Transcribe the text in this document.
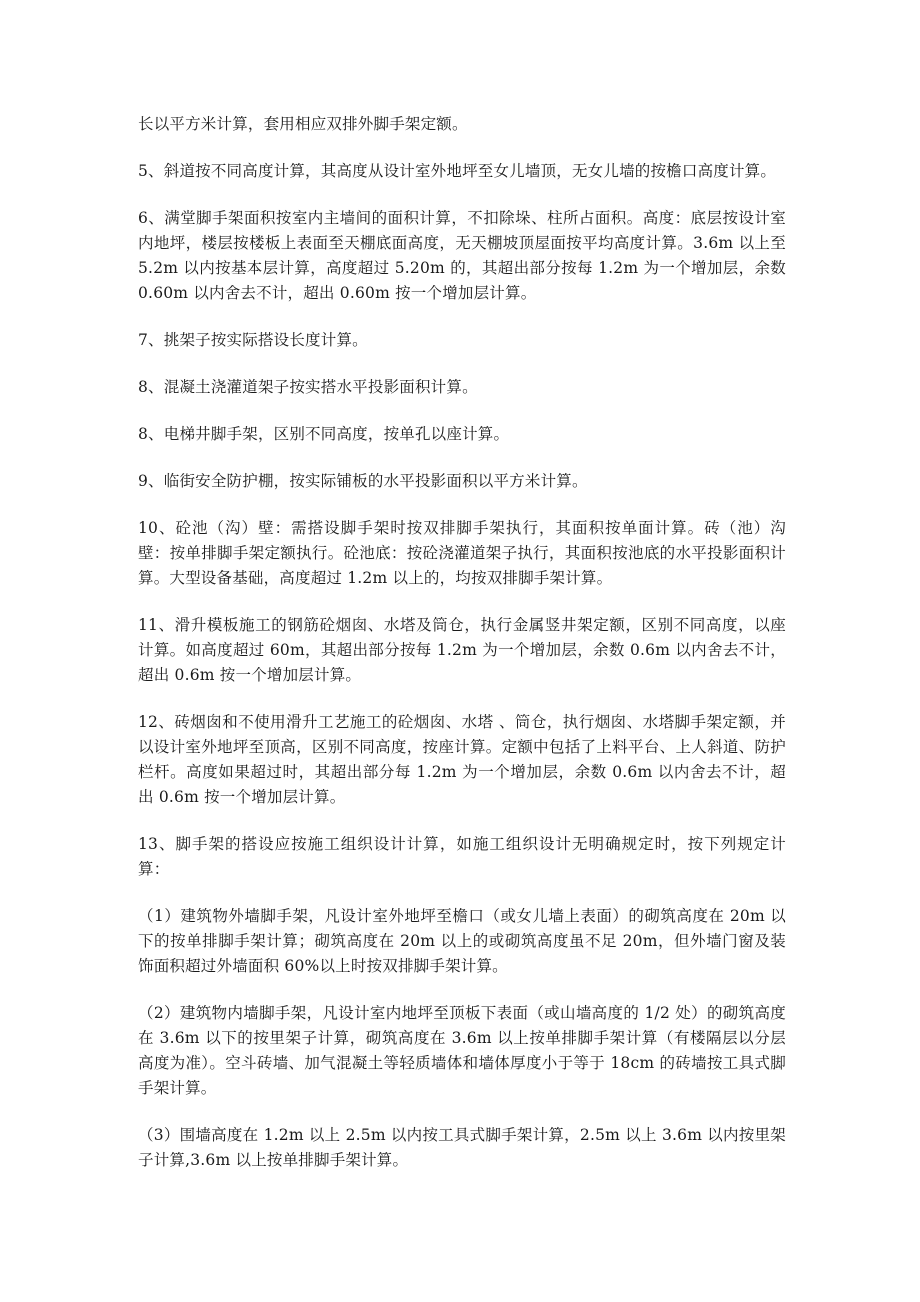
长以平方米计算，套用相应双排外脚手架定额。

5、斜道按不同高度计算，其高度从设计室外地坪至女儿墙顶，无女儿墙的按檐口高度计算。

6、满堂脚手架面积按室内主墙间的面积计算，不扣除垛、柱所占面积。高度：底层按设计室内地坪，楼层按楼板上表面至天棚底面高度，无天棚坡顶屋面按平均高度计算。3.6m 以上至 5.2m 以内按基本层计算，高度超过 5.20m 的，其超出部分按每 1.2m 为一个增加层，余数 0.60m 以内舍去不计，超出 0.60m 按一个增加层计算。

7、挑架子按实际搭设长度计算。

8、混凝土浇灌道架子按实搭水平投影面积计算。

8、电梯井脚手架，区别不同高度，按单孔以座计算。

9、临街安全防护棚，按实际铺板的水平投影面积以平方米计算。

10、砼池（沟）壁：需搭设脚手架时按双排脚手架执行，其面积按单面计算。砖（池）沟壁：按单排脚手架定额执行。砼池底：按砼浇灌道架子执行，其面积按池底的水平投影面积计算。大型设备基础，高度超过 1.2m 以上的，均按双排脚手架计算。

11、滑升模板施工的钢筋砼烟囱、水塔及筒仓，执行金属竖井架定额，区别不同高度，以座计算。如高度超过 60m，其超出部分按每 1.2m 为一个增加层，余数 0.6m 以内舍去不计，超出 0.6m 按一个增加层计算。

12、砖烟囱和不使用滑升工艺施工的砼烟囱、水塔 、筒仓，执行烟囱、水塔脚手架定额，并以设计室外地坪至顶高，区别不同高度，按座计算。定额中包括了上料平台、上人斜道、防护栏杆。高度如果超过时，其超出部分每 1.2m 为一个增加层，余数 0.6m 以内舍去不计，超出 0.6m 按一个增加层计算。

13、脚手架的搭设应按施工组织设计计算，如施工组织设计无明确规定时，按下列规定计算：

（1）建筑物外墙脚手架，凡设计室外地坪至檐口（或女儿墙上表面）的砌筑高度在 20m 以下的按单排脚手架计算；砌筑高度在 20m 以上的或砌筑高度虽不足 20m，但外墙门窗及装饰面积超过外墙面积 60%以上时按双排脚手架计算。

（2）建筑物内墙脚手架，凡设计室内地坪至顶板下表面（或山墙高度的 1/2 处）的砌筑高度在 3.6m 以下的按里架子计算，砌筑高度在 3.6m 以上按单排脚手架计算（有楼隔层以分层高度为准）。空斗砖墙、加气混凝土等轻质墙体和墙体厚度小于等于 18cm 的砖墙按工具式脚手架计算。

（3）围墙高度在 1.2m 以上 2.5m 以内按工具式脚手架计算，2.5m 以上 3.6m 以内按里架子计算,3.6m 以上按单排脚手架计算。
